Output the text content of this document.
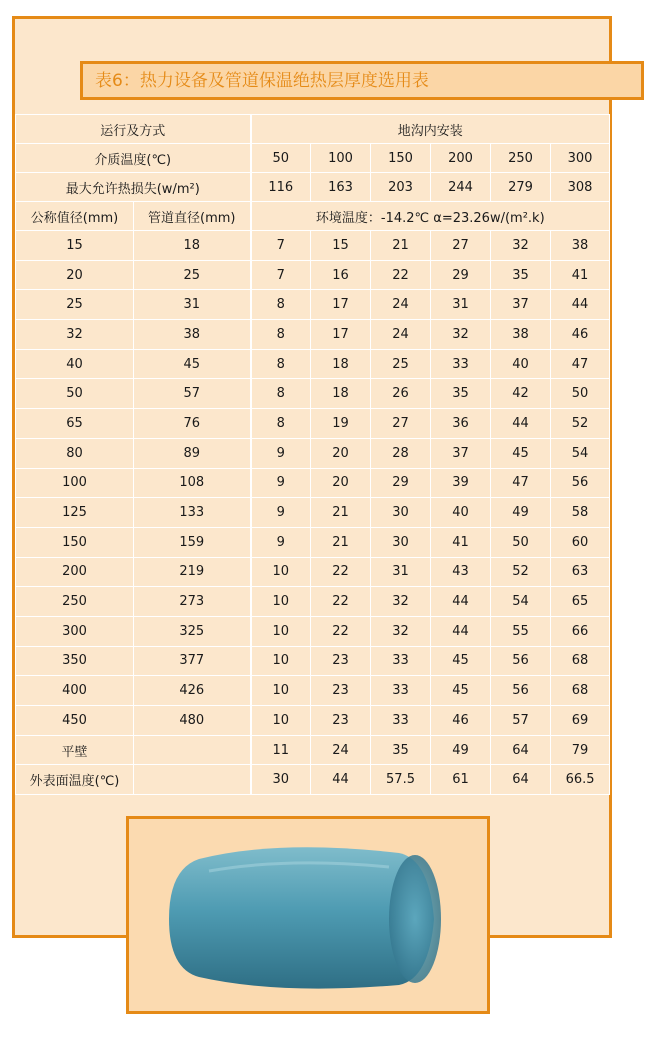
表6：热力设备及管道保温绝热层厚度选用表
运行及方式		地沟内安装					
介质温度(℃)		50	100	150	200	250	300
最大允许热损失(w/m²)		116	163	203	244	279	308
公称值径(mm)	管道直径(mm)	环境温度：-14.2℃ α=23.26w/(m².k)					
15	18	7	15	21	27	32	38
20	25	7	16	22	29	35	41
25	31	8	17	24	31	37	44
32	38	8	17	24	32	38	46
40	45	8	18	25	33	40	47
50	57	8	18	26	35	42	50
65	76	8	19	27	36	44	52
80	89	9	20	28	37	45	54
100	108	9	20	29	39	47	56
125	133	9	21	30	40	49	58
150	159	9	21	30	41	50	60
200	219	10	22	31	43	52	63
250	273	10	22	32	44	54	65
300	325	10	22	32	44	55	66
350	377	10	23	33	45	56	68
400	426	10	23	33	45	56	68
450	480	10	23	33	46	57	69
平壁		11	24	35	49	64	79
外表面温度(℃)		30	44	57.5	61	64	66.5
